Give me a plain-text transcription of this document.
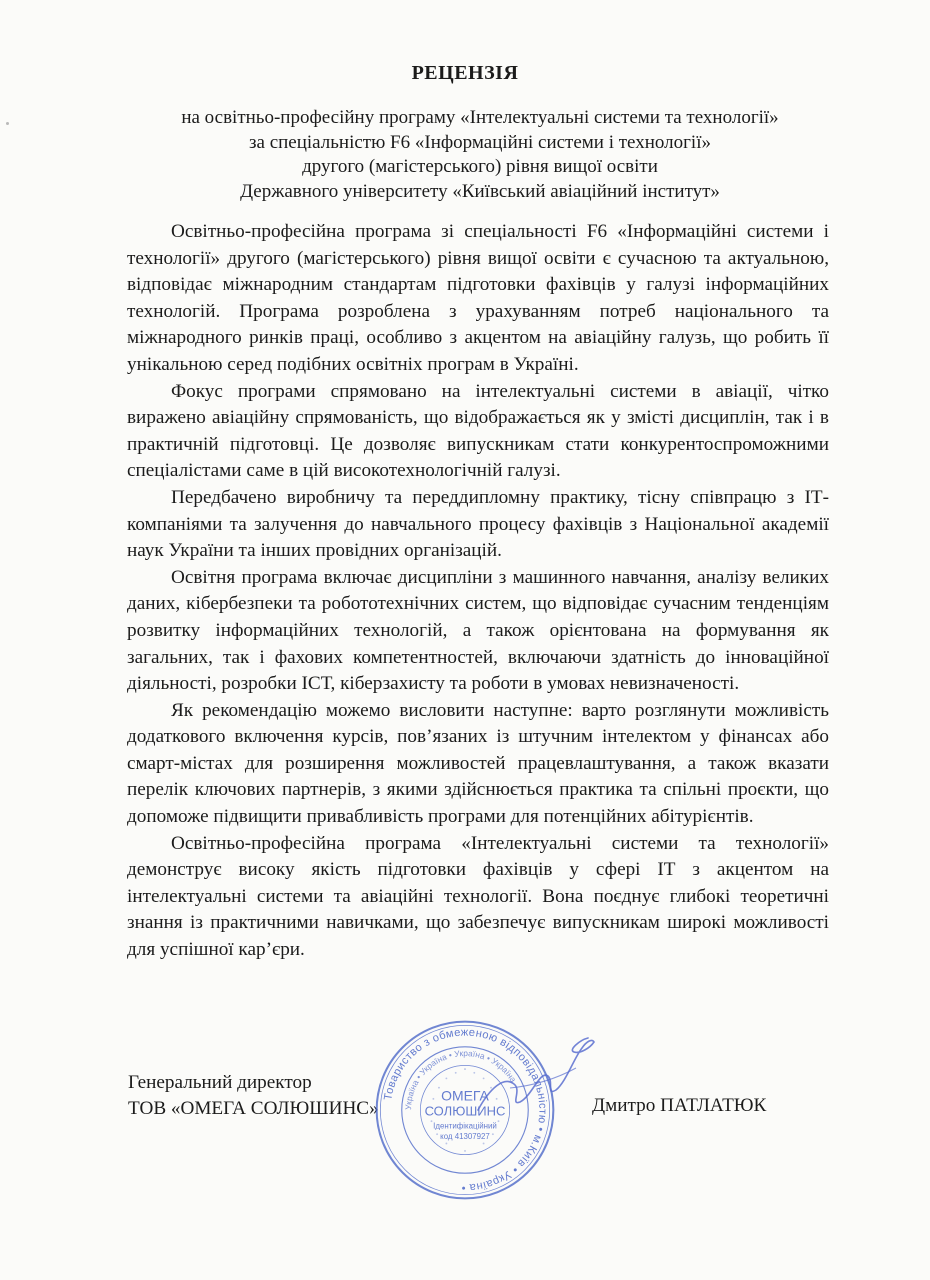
РЕЦЕНЗІЯ
на освітньо-професійну програму «Інтелектуальні системи та технології»
за спеціальністю F6 «Інформаційні системи і технології»
другого (магістерського) рівня вищої освіти
Державного університету «Київський авіаційний інститут»

Освітньо-професійна програма зі спеціальності F6 «Інформаційні системи і технології» другого (магістерського) рівня вищої освіти є сучасною та актуальною, відповідає міжнародним стандартам підготовки фахівців у галузі інформаційних технологій. Програма розроблена з урахуванням потреб національного та міжнародного ринків праці, особливо з акцентом на авіаційну галузь, що робить її унікальною серед подібних освітніх програм в Україні.

Фокус програми спрямовано на інтелектуальні системи в авіації, чітко виражено авіаційну спрямованість, що відображається як у змісті дисциплін, так і в практичній підготовці. Це дозволяє випускникам стати конкурентоспроможними спеціалістами саме в цій високотехнологічній галузі.

Передбачено виробничу та переддипломну практику, тісну співпрацю з ІТ-компаніями та залучення до навчального процесу фахівців з Національної академії наук України та інших провідних організацій.

Освітня програма включає дисципліни з машинного навчання, аналізу великих даних, кібербезпеки та робототехнічних систем, що відповідає сучасним тенденціям розвитку інформаційних технологій, а також орієнтована на формування як загальних, так і фахових компетентностей, включаючи здатність до інноваційної діяльності, розробки ІСТ, кіберзахисту та роботи в умовах невизначеності.

Як рекомендацію можемо висловити наступне: варто розглянути можливість додаткового включення курсів, пов’язаних із штучним інтелектом у фінансах або смарт-містах для розширення можливостей працевлаштування, а також вказати перелік ключових партнерів, з якими здійснюється практика та спільні проєкти, що допоможе підвищити привабливість програми для потенційних абітурієнтів.

Освітньо-професійна програма «Інтелектуальні системи та технології» демонструє високу якість підготовки фахівців у сфері ІТ з акцентом на інтелектуальні системи та авіаційні технології. Вона поєднує глибокі теоретичні знання із практичними навичками, що забезпечує випускникам широкі можливості для успішної кар’єри.

Генеральний директор
ТОВ «ОМЕГА СОЛЮШИНС»
Товариство з обмеженою відповідальністю • м.Київ • Україна •
Україна • Україна • Україна • Україна
ОМЕГА
СОЛЮШИНС
Ідентифікаційний
код 41307927
Дмитро ПАТЛАТЮК
